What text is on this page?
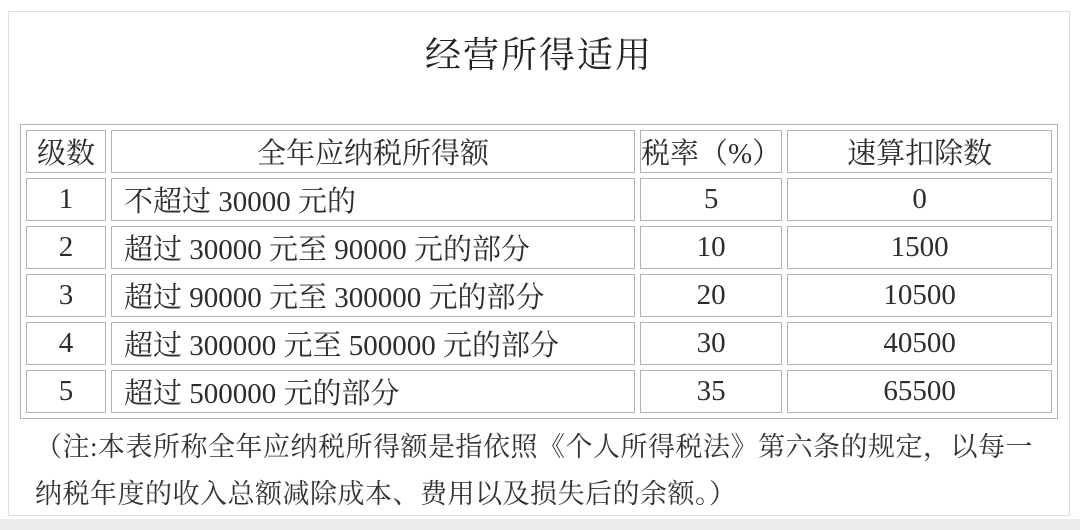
经营所得适用
级数	全年应纳税所得额	税率（%）	速算扣除数
1	不超过 30000 元的	5	0
2	超过 30000 元至 90000 元的部分	10	1500
3	超过 90000 元至 300000 元的部分	20	10500
4	超过 300000 元至 500000 元的部分	30	40500
5	超过 500000 元的部分	35	65500
（注:本表所称全年应纳税所得额是指依照《个人所得税法》第六条的规定，以每一纳税年度的收入总额减除成本、费用以及损失后的余额。）
